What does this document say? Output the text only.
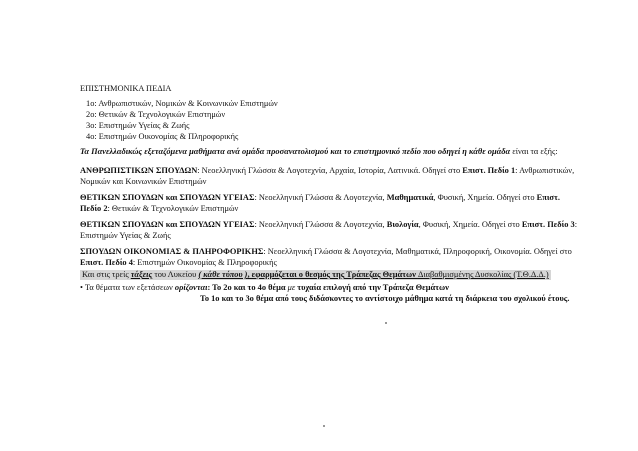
ΕΠΙΣΤΗΜΟΝΙΚΑ ΠΕΔΙΑ
1ο: Ανθρωπιστικών, Νομικών & Κοινωνικών Επιστημών
2ο: Θετικών & Τεχνολογικών Επιστημών
3ο: Επιστημών Υγείας & Ζωής
4ο: Επιστημών Οικονομίας & Πληροφορικής
Τα Πανελλαδικώς εξεταζόμενα μαθήματα ανά ομάδα προσανατολισμού και το επιστημονικό πεδίο που οδηγεί η κάθε ομάδα είναι τα εξής:
ΑΝΘΡΩΠΙΣΤΙΚΩΝ ΣΠΟΥΔΩΝ: Νεοελληνική Γλώσσα & Λογοτεχνία, Αρχαία, Ιστορία, Λατινικά. Οδηγεί στο Επιστ. Πεδίο 1: Ανθρωπιστικών,
Νομικών και Κοινωνικών Επιστημών
ΘΕΤΙΚΩΝ ΣΠΟΥΔΩΝ και ΣΠΟΥΔΩΝ ΥΓΕΙΑΣ: Νεοελληνική Γλώσσα & Λογοτεχνία, Μαθηματικά, Φυσική, Χημεία. Οδηγεί στο Επιστ.
Πεδίο 2: Θετικών & Τεχνολογικών Επιστημών
ΘΕΤΙΚΩΝ ΣΠΟΥΔΩΝ και ΣΠΟΥΔΩΝ ΥΓΕΙΑΣ: Νεοελληνική Γλώσσα & Λογοτεχνία, Βιολογία, Φυσική, Χημεία. Οδηγεί στο Επιστ. Πεδίο 3:
Επιστημών Υγείας & Ζωής
ΣΠΟΥΔΩΝ ΟΙΚΟΝΟΜΙΑΣ & ΠΛΗΡΟΦΟΡΙΚΗΣ: Νεοελληνική Γλώσσα & Λογοτεχνία, Μαθηματικά, Πληροφορική, Οικονομία. Οδηγεί στο
Επιστ. Πεδίο 4: Επιστημών Οικονομίας & Πληροφορικής
Και στις τρείς τάξεις του Λυκείου ( κάθε τύπου ), εφαρμόζεται ο θεσμός της Τράπεζας Θεμάτων Διαβαθμισμένης Δυσκολίας (Τ.Θ.Δ.Δ.)
• Τα θέματα των εξετάσεων ορίζονται: Το 2ο και το 4ο θέμα με τυχαία επιλογή από την Τράπεζα Θεμάτων
Το 1ο και το 3ο θέμα από τους διδάσκοντες το αντίστοιχο μάθημα κατά τη διάρκεια του σχολικού έτους.
